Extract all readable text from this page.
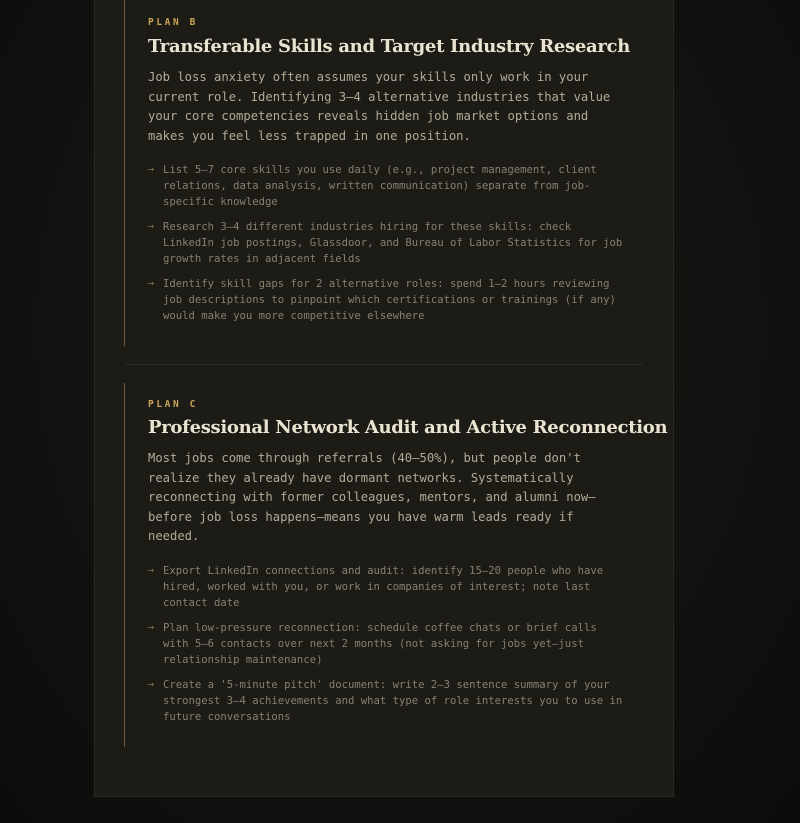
PLAN B

Transferable Skills and Target Industry Research

Job loss anxiety often assumes your skills only work in your current role. Identifying 3–4 alternative industries that value your core competencies reveals hidden job market options and makes you feel less trapped in one position.

→ List 5–7 core skills you use daily (e.g., project management, client relations, data analysis, written communication) separate from job-specific knowledge
→ Research 3–4 different industries hiring for these skills: check LinkedIn job postings, Glassdoor, and Bureau of Labor Statistics for job growth rates in adjacent fields
→ Identify skill gaps for 2 alternative roles: spend 1–2 hours reviewing job descriptions to pinpoint which certifications or trainings (if any) would make you more competitive elsewhere

PLAN C

Professional Network Audit and Active Reconnection

Most jobs come through referrals (40–50%), but people don't realize they already have dormant networks. Systematically reconnecting with former colleagues, mentors, and alumni now—before job loss happens—means you have warm leads ready if needed.

→ Export LinkedIn connections and audit: identify 15–20 people who have hired, worked with you, or work in companies of interest; note last contact date
→ Plan low-pressure reconnection: schedule coffee chats or brief calls with 5–6 contacts over next 2 months (not asking for jobs yet—just relationship maintenance)
→ Create a '5-minute pitch' document: write 2–3 sentence summary of your strongest 3–4 achievements and what type of role interests you to use in future conversations
